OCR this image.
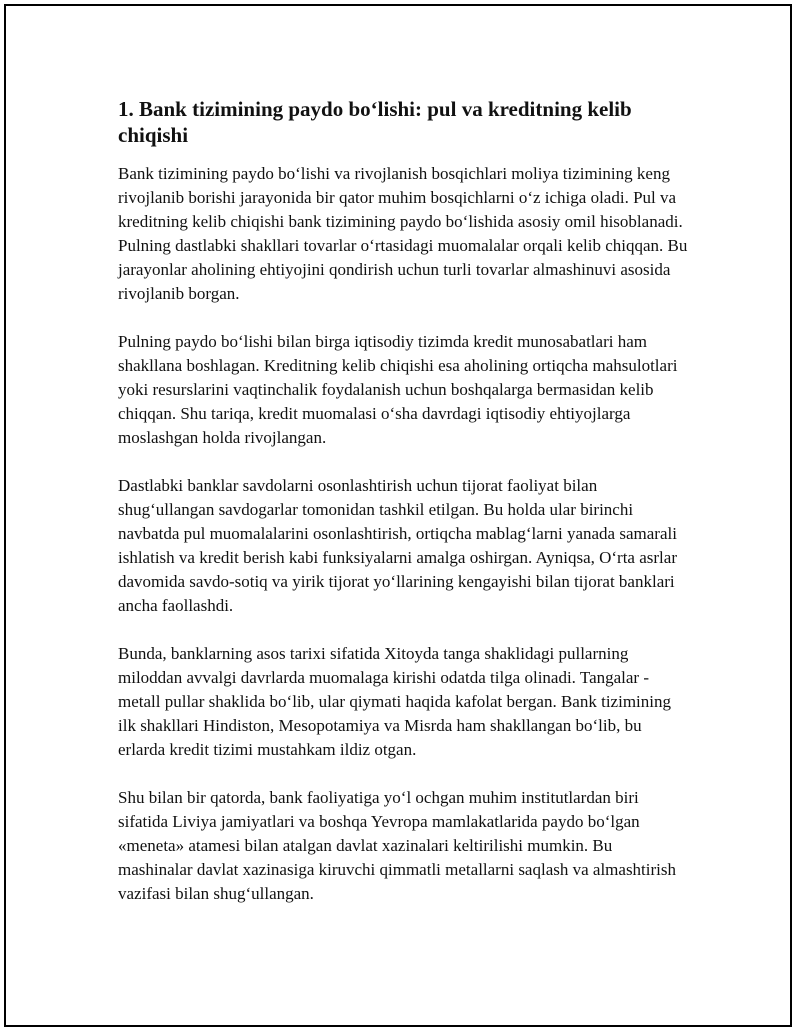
1. Bank tizimining paydo bo‘lishi: pul va kreditning kelib chiqishi

Bank tizimining paydo bo‘lishi va rivojlanish bosqichlari moliya tizimining keng rivojlanib borishi jarayonida bir qator muhim bosqichlarni o‘z ichiga oladi. Pul va kreditning kelib chiqishi bank tizimining paydo bo‘lishida asosiy omil hisoblanadi. Pulning dastlabki shakllari tovarlar o‘rtasidagi muomalalar orqali kelib chiqqan. Bu jarayonlar aholining ehtiyojini qondirish uchun turli tovarlar almashinuvi asosida rivojlanib borgan.

Pulning paydo bo‘lishi bilan birga iqtisodiy tizimda kredit munosabatlari ham shakllana boshlagan. Kreditning kelib chiqishi esa aholining ortiqcha mahsulotlari yoki resurslarini vaqtinchalik foydalanish uchun boshqalarga bermasidan kelib chiqqan. Shu tariqa, kredit muomalasi o‘sha davrdagi iqtisodiy ehtiyojlarga moslashgan holda rivojlangan.

Dastlabki banklar savdolarni osonlashtirish uchun tijorat faoliyat bilan shug‘ullangan savdogarlar tomonidan tashkil etilgan. Bu holda ular birinchi navbatda pul muomalalarini osonlashtirish, ortiqcha mablag‘larni yanada samarali ishlatish va kredit berish kabi funksiyalarni amalga oshirgan. Ayniqsa, O‘rta asrlar davomida savdo-sotiq va yirik tijorat yo‘llarining kengayishi bilan tijorat banklari ancha faollashdi.

Bunda, banklarning asos tarixi sifatida Xitoyda tanga shaklidagi pullarning miloddan avvalgi davrlarda muomalaga kirishi odatda tilga olinadi. Tangalar - metall pullar shaklida bo‘lib, ular qiymati haqida kafolat bergan. Bank tizimining ilk shakllari Hindiston, Mesopotamiya va Misrda ham shakllangan bo‘lib, bu erlarda kredit tizimi mustahkam ildiz otgan.

Shu bilan bir qatorda, bank faoliyatiga yo‘l ochgan muhim institutlardan biri sifatida Liviya jamiyatlari va boshqa Yevropa mamlakatlarida paydo bo‘lgan «meneta» atamesi bilan atalgan davlat xazinalari keltirilishi mumkin. Bu mashinalar davlat xazinasiga kiruvchi qimmatli metallarni saqlash va almashtirish vazifasi bilan shug‘ullangan.
